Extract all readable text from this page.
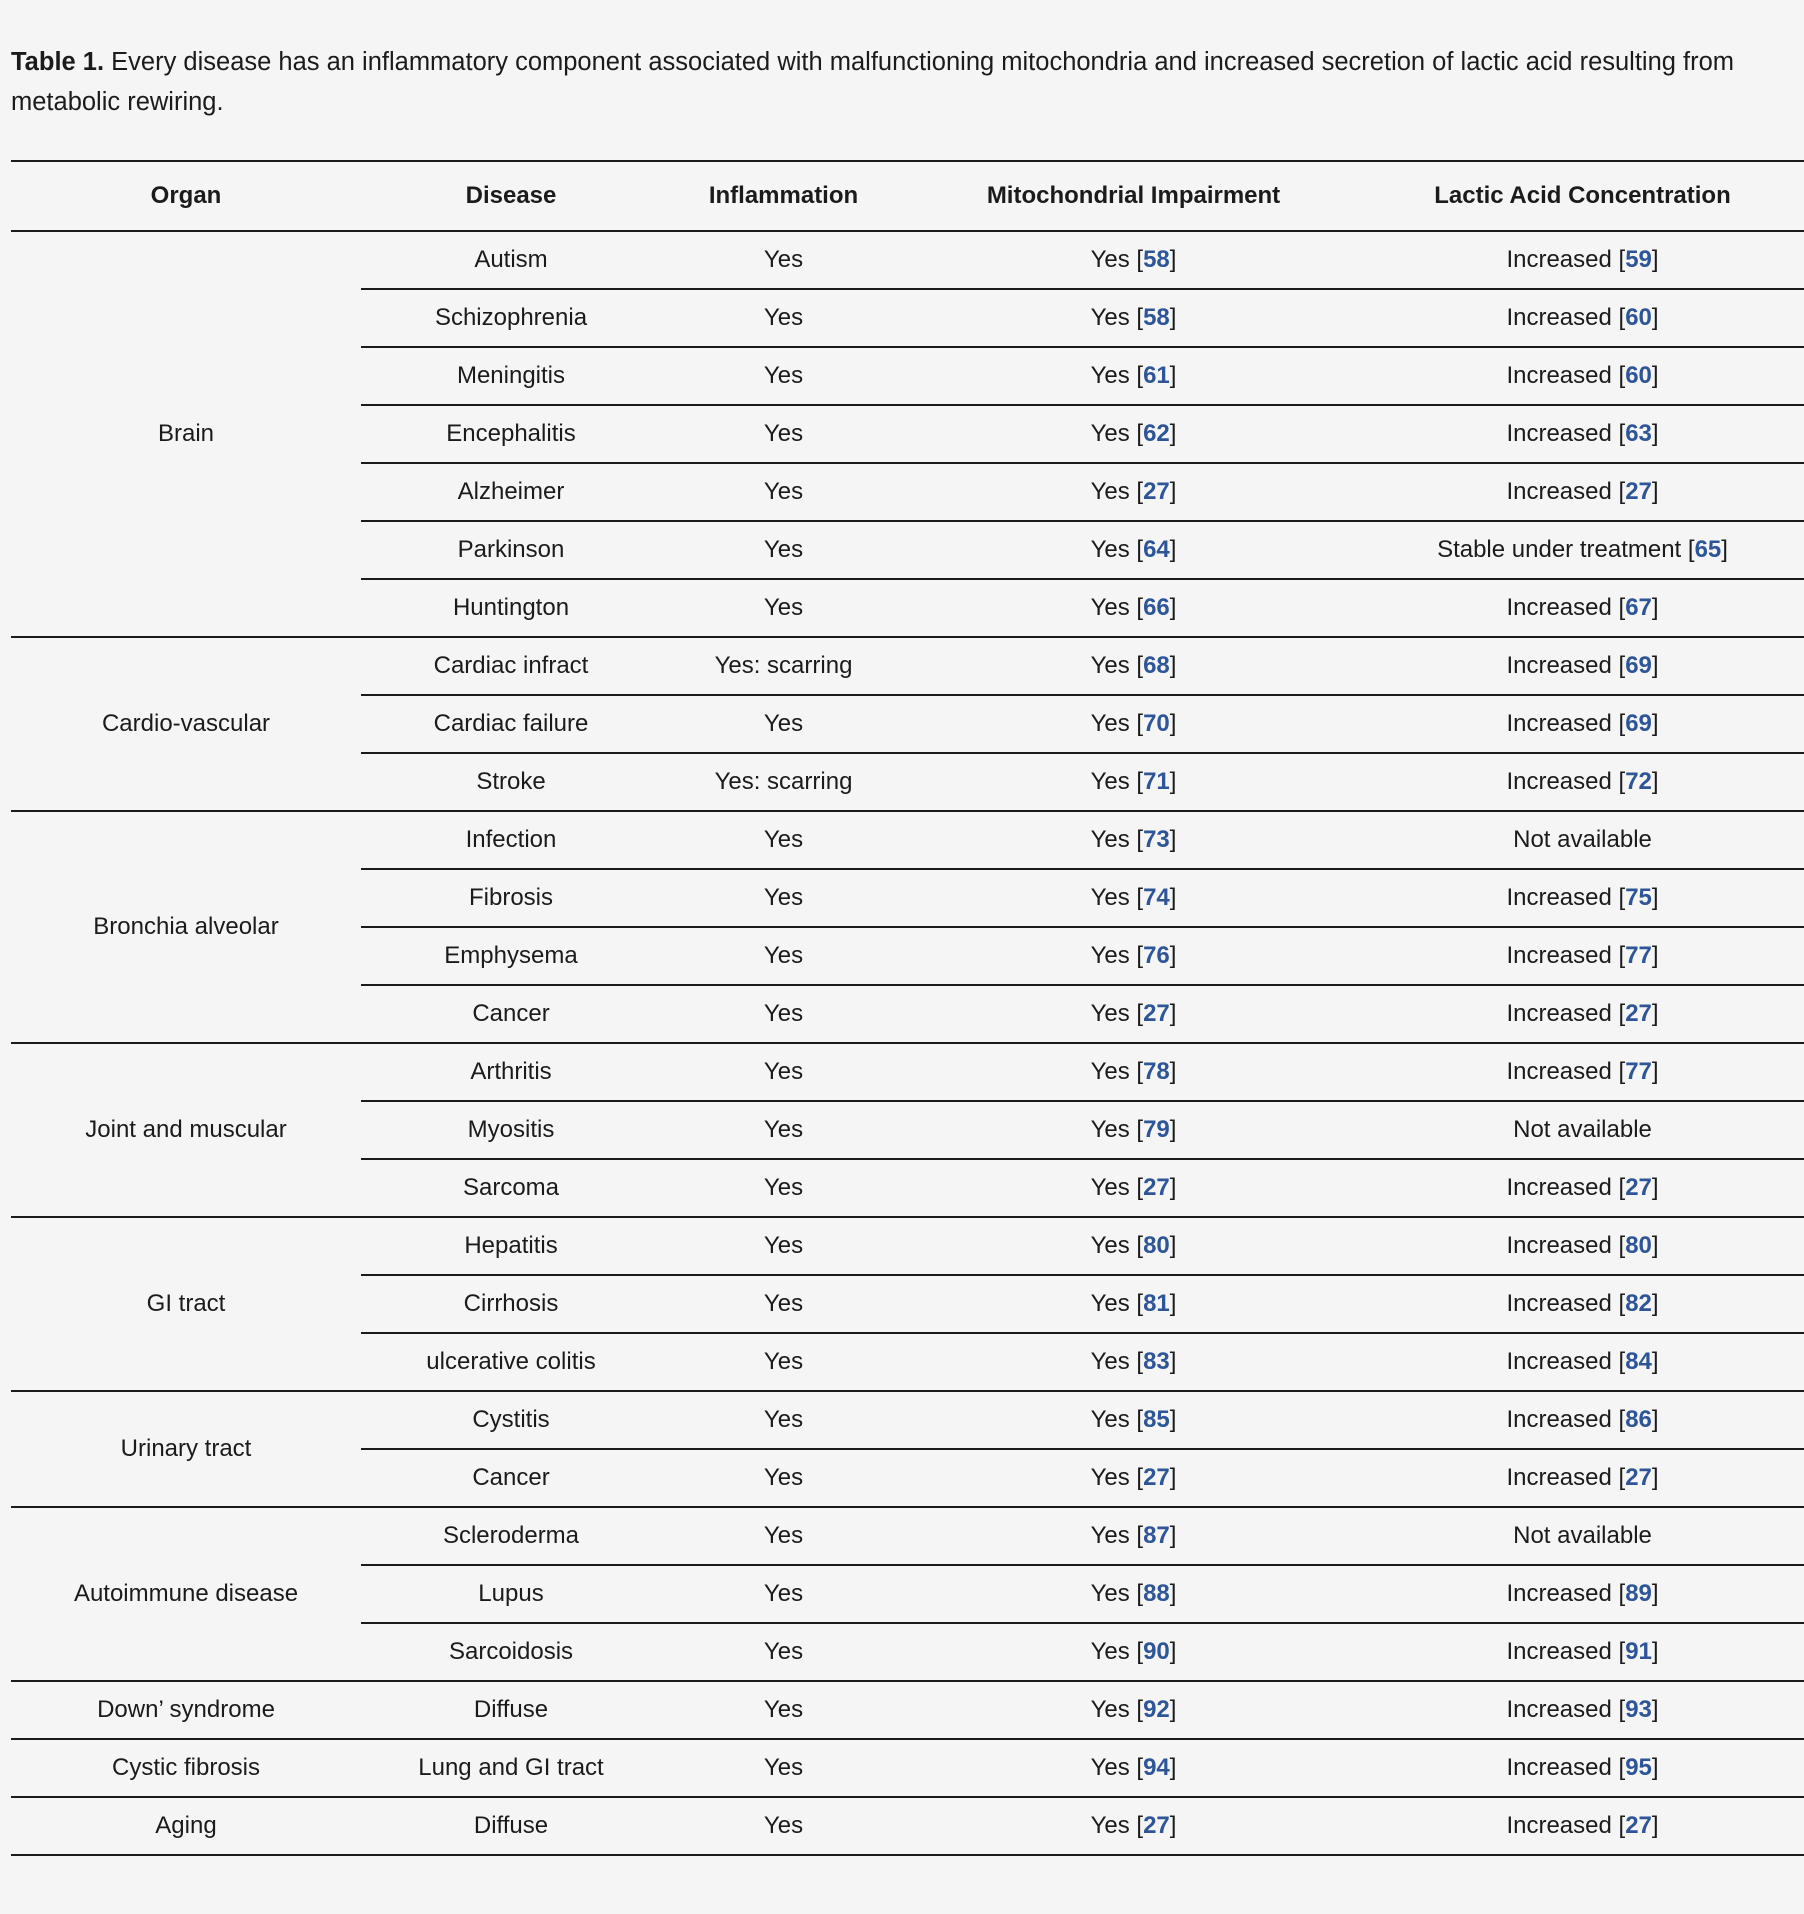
Table 1. Every disease has an inflammatory component associated with malfunctioning mitochondria and increased secretion of lactic acid resulting from metabolic rewiring.

Organ	Disease	Inflammation	Mitochondrial Impairment	Lactic Acid Concentration
Brain	Autism	Yes	Yes [58]	Increased [59]
	Schizophrenia	Yes	Yes [58]	Increased [60]
	Meningitis	Yes	Yes [61]	Increased [60]
	Encephalitis	Yes	Yes [62]	Increased [63]
	Alzheimer	Yes	Yes [27]	Increased [27]
	Parkinson	Yes	Yes [64]	Stable under treatment [65]
	Huntington	Yes	Yes [66]	Increased [67]
Cardio-vascular	Cardiac infract	Yes: scarring	Yes [68]	Increased [69]
	Cardiac failure	Yes	Yes [70]	Increased [69]
	Stroke	Yes: scarring	Yes [71]	Increased [72]
Bronchia alveolar	Infection	Yes	Yes [73]	Not available
	Fibrosis	Yes	Yes [74]	Increased [75]
	Emphysema	Yes	Yes [76]	Increased [77]
	Cancer	Yes	Yes [27]	Increased [27]
Joint and muscular	Arthritis	Yes	Yes [78]	Increased [77]
	Myositis	Yes	Yes [79]	Not available
	Sarcoma	Yes	Yes [27]	Increased [27]
GI tract	Hepatitis	Yes	Yes [80]	Increased [80]
	Cirrhosis	Yes	Yes [81]	Increased [82]
	ulcerative colitis	Yes	Yes [83]	Increased [84]
Urinary tract	Cystitis	Yes	Yes [85]	Increased [86]
	Cancer	Yes	Yes [27]	Increased [27]
Autoimmune disease	Scleroderma	Yes	Yes [87]	Not available
	Lupus	Yes	Yes [88]	Increased [89]
	Sarcoidosis	Yes	Yes [90]	Increased [91]
Down’ syndrome	Diffuse	Yes	Yes [92]	Increased [93]
Cystic fibrosis	Lung and GI tract	Yes	Yes [94]	Increased [95]
Aging	Diffuse	Yes	Yes [27]	Increased [27]
